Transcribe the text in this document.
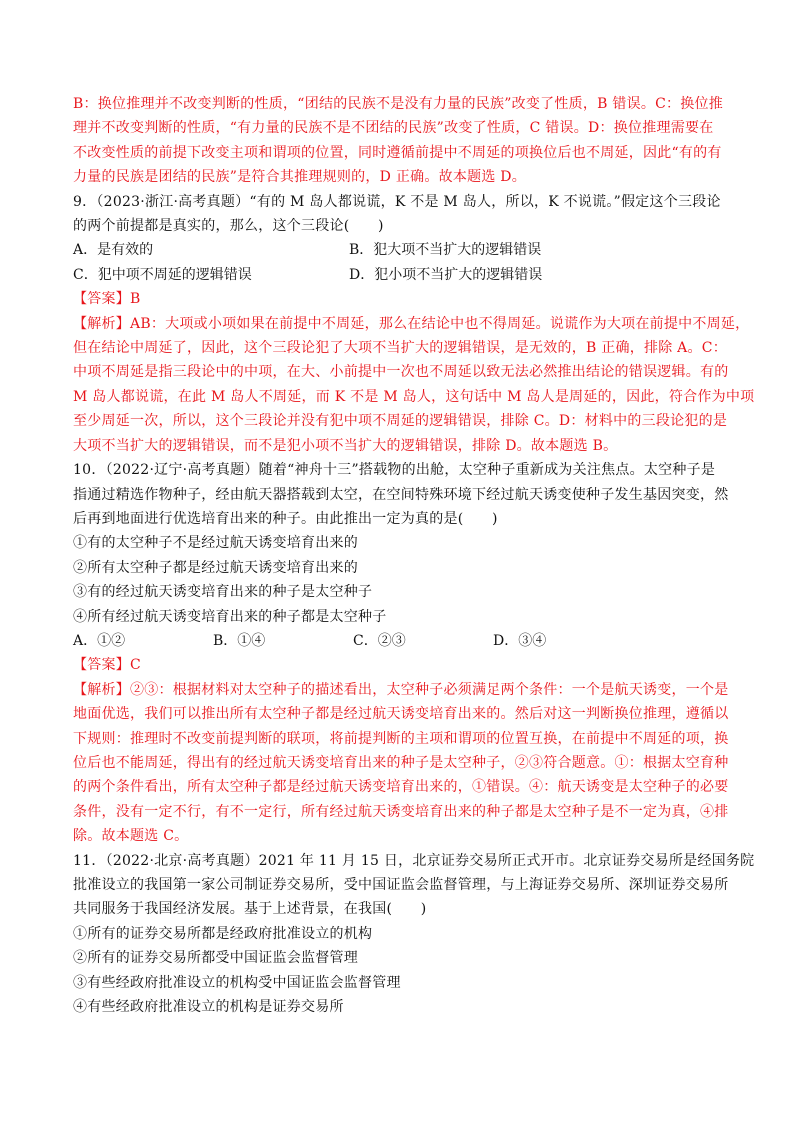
B：换位推理并不改变判断的性质，“团结的民族不是没有力量的民族”改变了性质，B 错误。C：换位推
理并不改变判断的性质，“有力量的民族不是不团结的民族”改变了性质，C 错误。D：换位推理需要在
不改变性质的前提下改变主项和谓项的位置，同时遵循前提中不周延的项换位后也不周延，因此“有的有
力量的民族是团结的民族”是符合其推理规则的，D 正确。故本题选 D。
9．（2023·浙江·高考真题）“有的 M 岛人都说谎，K 不是 M 岛人，所以，K 不说谎。”假定这个三段论
的两个前提都是真实的，那么，这个三段论(　　)
A．是有效的	B．犯大项不当扩大的逻辑错误
C．犯中项不周延的逻辑错误	D．犯小项不当扩大的逻辑错误
【答案】B
【解析】AB：大项或小项如果在前提中不周延，那么在结论中也不得周延。说谎作为大项在前提中不周延，
但在结论中周延了，因此，这个三段论犯了大项不当扩大的逻辑错误，是无效的，B 正确，排除 A。C：
中项不周延是指三段论中的中项，在大、小前提中一次也不周延以致无法必然推出结论的错误逻辑。有的
M 岛人都说谎，在此 M 岛人不周延，而 K 不是 M 岛人，这句话中 M 岛人是周延的，因此，符合作为中项
至少周延一次，所以，这个三段论并没有犯中项不周延的逻辑错误，排除 C。D：材料中的三段论犯的是
大项不当扩大的逻辑错误，而不是犯小项不当扩大的逻辑错误，排除 D。故本题选 B。
10．（2022·辽宁·高考真题）随着“神舟十三”搭载物的出舱，太空种子重新成为关注焦点。太空种子是
指通过精选作物种子，经由航天器搭载到太空，在空间特殊环境下经过航天诱变使种子发生基因突变，然
后再到地面进行优选培育出来的种子。由此推出一定为真的是(　　)
①有的太空种子不是经过航天诱变培育出来的
②所有太空种子都是经过航天诱变培育出来的
③有的经过航天诱变培育出来的种子是太空种子
④所有经过航天诱变培育出来的种子都是太空种子
A．①②	B．①④	C．②③	D．③④
【答案】C
【解析】②③：根据材料对太空种子的描述看出，太空种子必须满足两个条件：一个是航天诱变，一个是
地面优选，我们可以推出所有太空种子都是经过航天诱变培育出来的。然后对这一判断换位推理，遵循以
下规则：推理时不改变前提判断的联项，将前提判断的主项和谓项的位置互换，在前提中不周延的项，换
位后也不能周延，得出有的经过航天诱变培育出来的种子是太空种子，②③符合题意。①：根据太空育种
的两个条件看出，所有太空种子都是经过航天诱变培育出来的，①错误。④：航天诱变是太空种子的必要
条件，没有一定不行，有不一定行，所有经过航天诱变培育出来的种子都是太空种子是不一定为真，④排
除。故本题选 C。
11．（2022·北京·高考真题）2021 年 11 月 15 日，北京证券交易所正式开市。北京证券交易所是经国务院
批准设立的我国第一家公司制证券交易所，受中国证监会监督管理，与上海证券交易所、深圳证券交易所
共同服务于我国经济发展。基于上述背景，在我国(　　)
①所有的证券交易所都是经政府批准设立的机构
②所有的证券交易所都受中国证监会监督管理
③有些经政府批准设立的机构受中国证监会监督管理
④有些经政府批准设立的机构是证券交易所
